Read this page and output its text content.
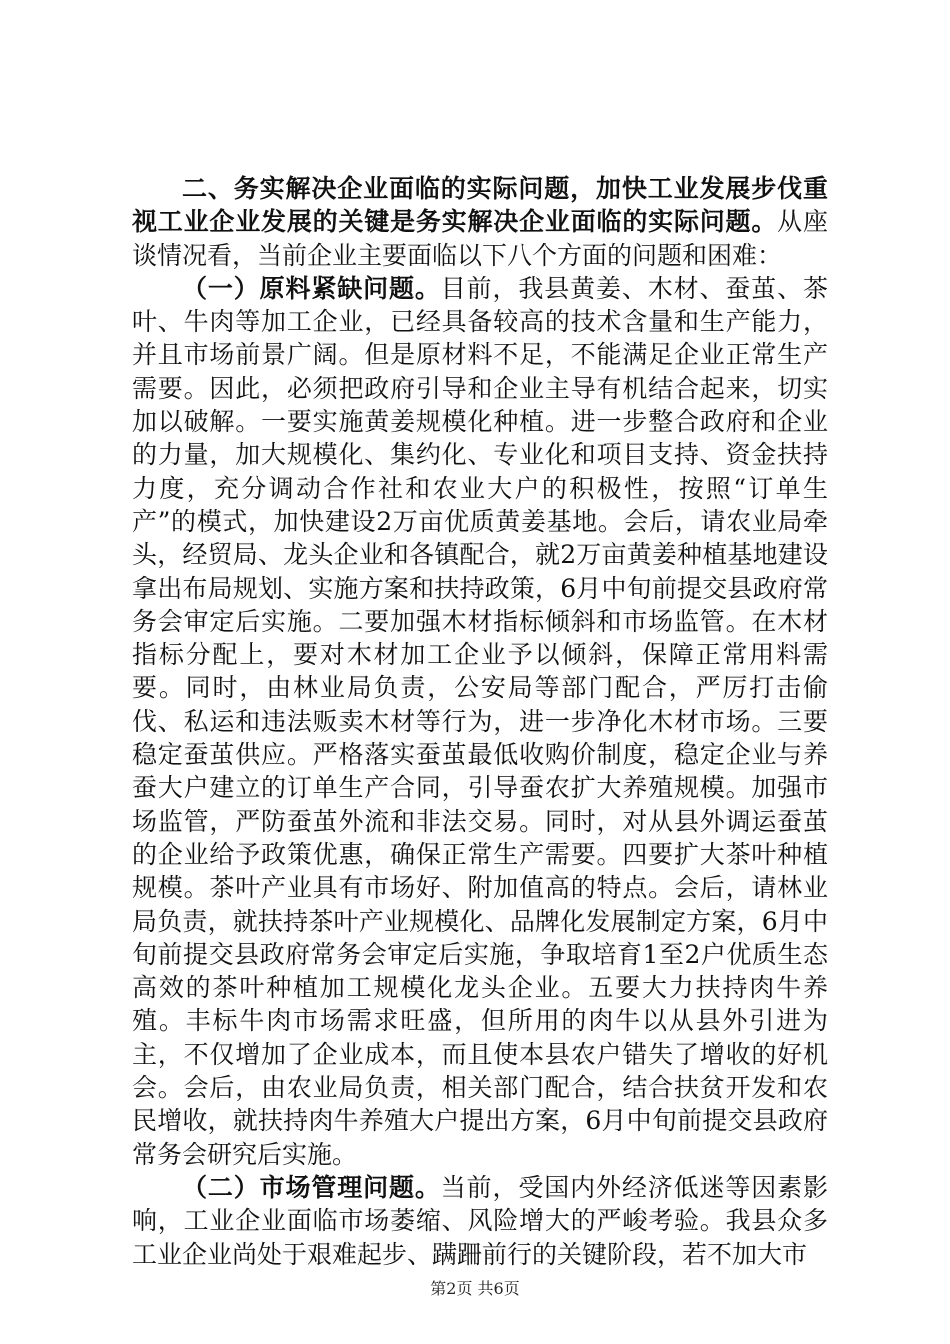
二、务实解决企业面临的实际问题，加快工业发展步伐重视工业企业发展的关键是务实解决企业面临的实际问题。从座谈情况看，当前企业主要面临以下八个方面的问题和困难：

（一）原料紧缺问题。目前，我县黄姜、木材、蚕茧、茶叶、牛肉等加工企业，已经具备较高的技术含量和生产能力，并且市场前景广阔。但是原材料不足，不能满足企业正常生产需要。因此，必须把政府引导和企业主导有机结合起来，切实加以破解。一要实施黄姜规模化种植。进一步整合政府和企业的力量，加大规模化、集约化、专业化和项目支持、资金扶持力度，充分调动合作社和农业大户的积极性，按照“订单生产”的模式，加快建设2万亩优质黄姜基地。会后，请农业局牵头，经贸局、龙头企业和各镇配合，就2万亩黄姜种植基地建设拿出布局规划、实施方案和扶持政策，6月中旬前提交县政府常务会审定后实施。二要加强木材指标倾斜和市场监管。在木材指标分配上，要对木材加工企业予以倾斜，保障正常用料需要。同时，由林业局负责，公安局等部门配合，严厉打击偷伐、私运和违法贩卖木材等行为，进一步净化木材市场。三要稳定蚕茧供应。严格落实蚕茧最低收购价制度，稳定企业与养蚕大户建立的订单生产合同，引导蚕农扩大养殖规模。加强市场监管，严防蚕茧外流和非法交易。同时，对从县外调运蚕茧的企业给予政策优惠，确保正常生产需要。四要扩大茶叶种植规模。茶叶产业具有市场好、附加值高的特点。会后，请林业局负责，就扶持茶叶产业规模化、品牌化发展制定方案，6月中旬前提交县政府常务会审定后实施，争取培育1至2户优质生态高效的茶叶种植加工规模化龙头企业。五要大力扶持肉牛养殖。丰标牛肉市场需求旺盛，但所用的肉牛以从县外引进为主，不仅增加了企业成本，而且使本县农户错失了增收的好机会。会后，由农业局负责，相关部门配合，结合扶贫开发和农民增收，就扶持肉牛养殖大户提出方案，6月中旬前提交县政府常务会研究后实施。

（二）市场管理问题。当前，受国内外经济低迷等因素影响，工业企业面临市场萎缩、风险增大的严峻考验。我县众多工业企业尚处于艰难起步、蹒跚前行的关键阶段，若不加大市

第2页 共6页
